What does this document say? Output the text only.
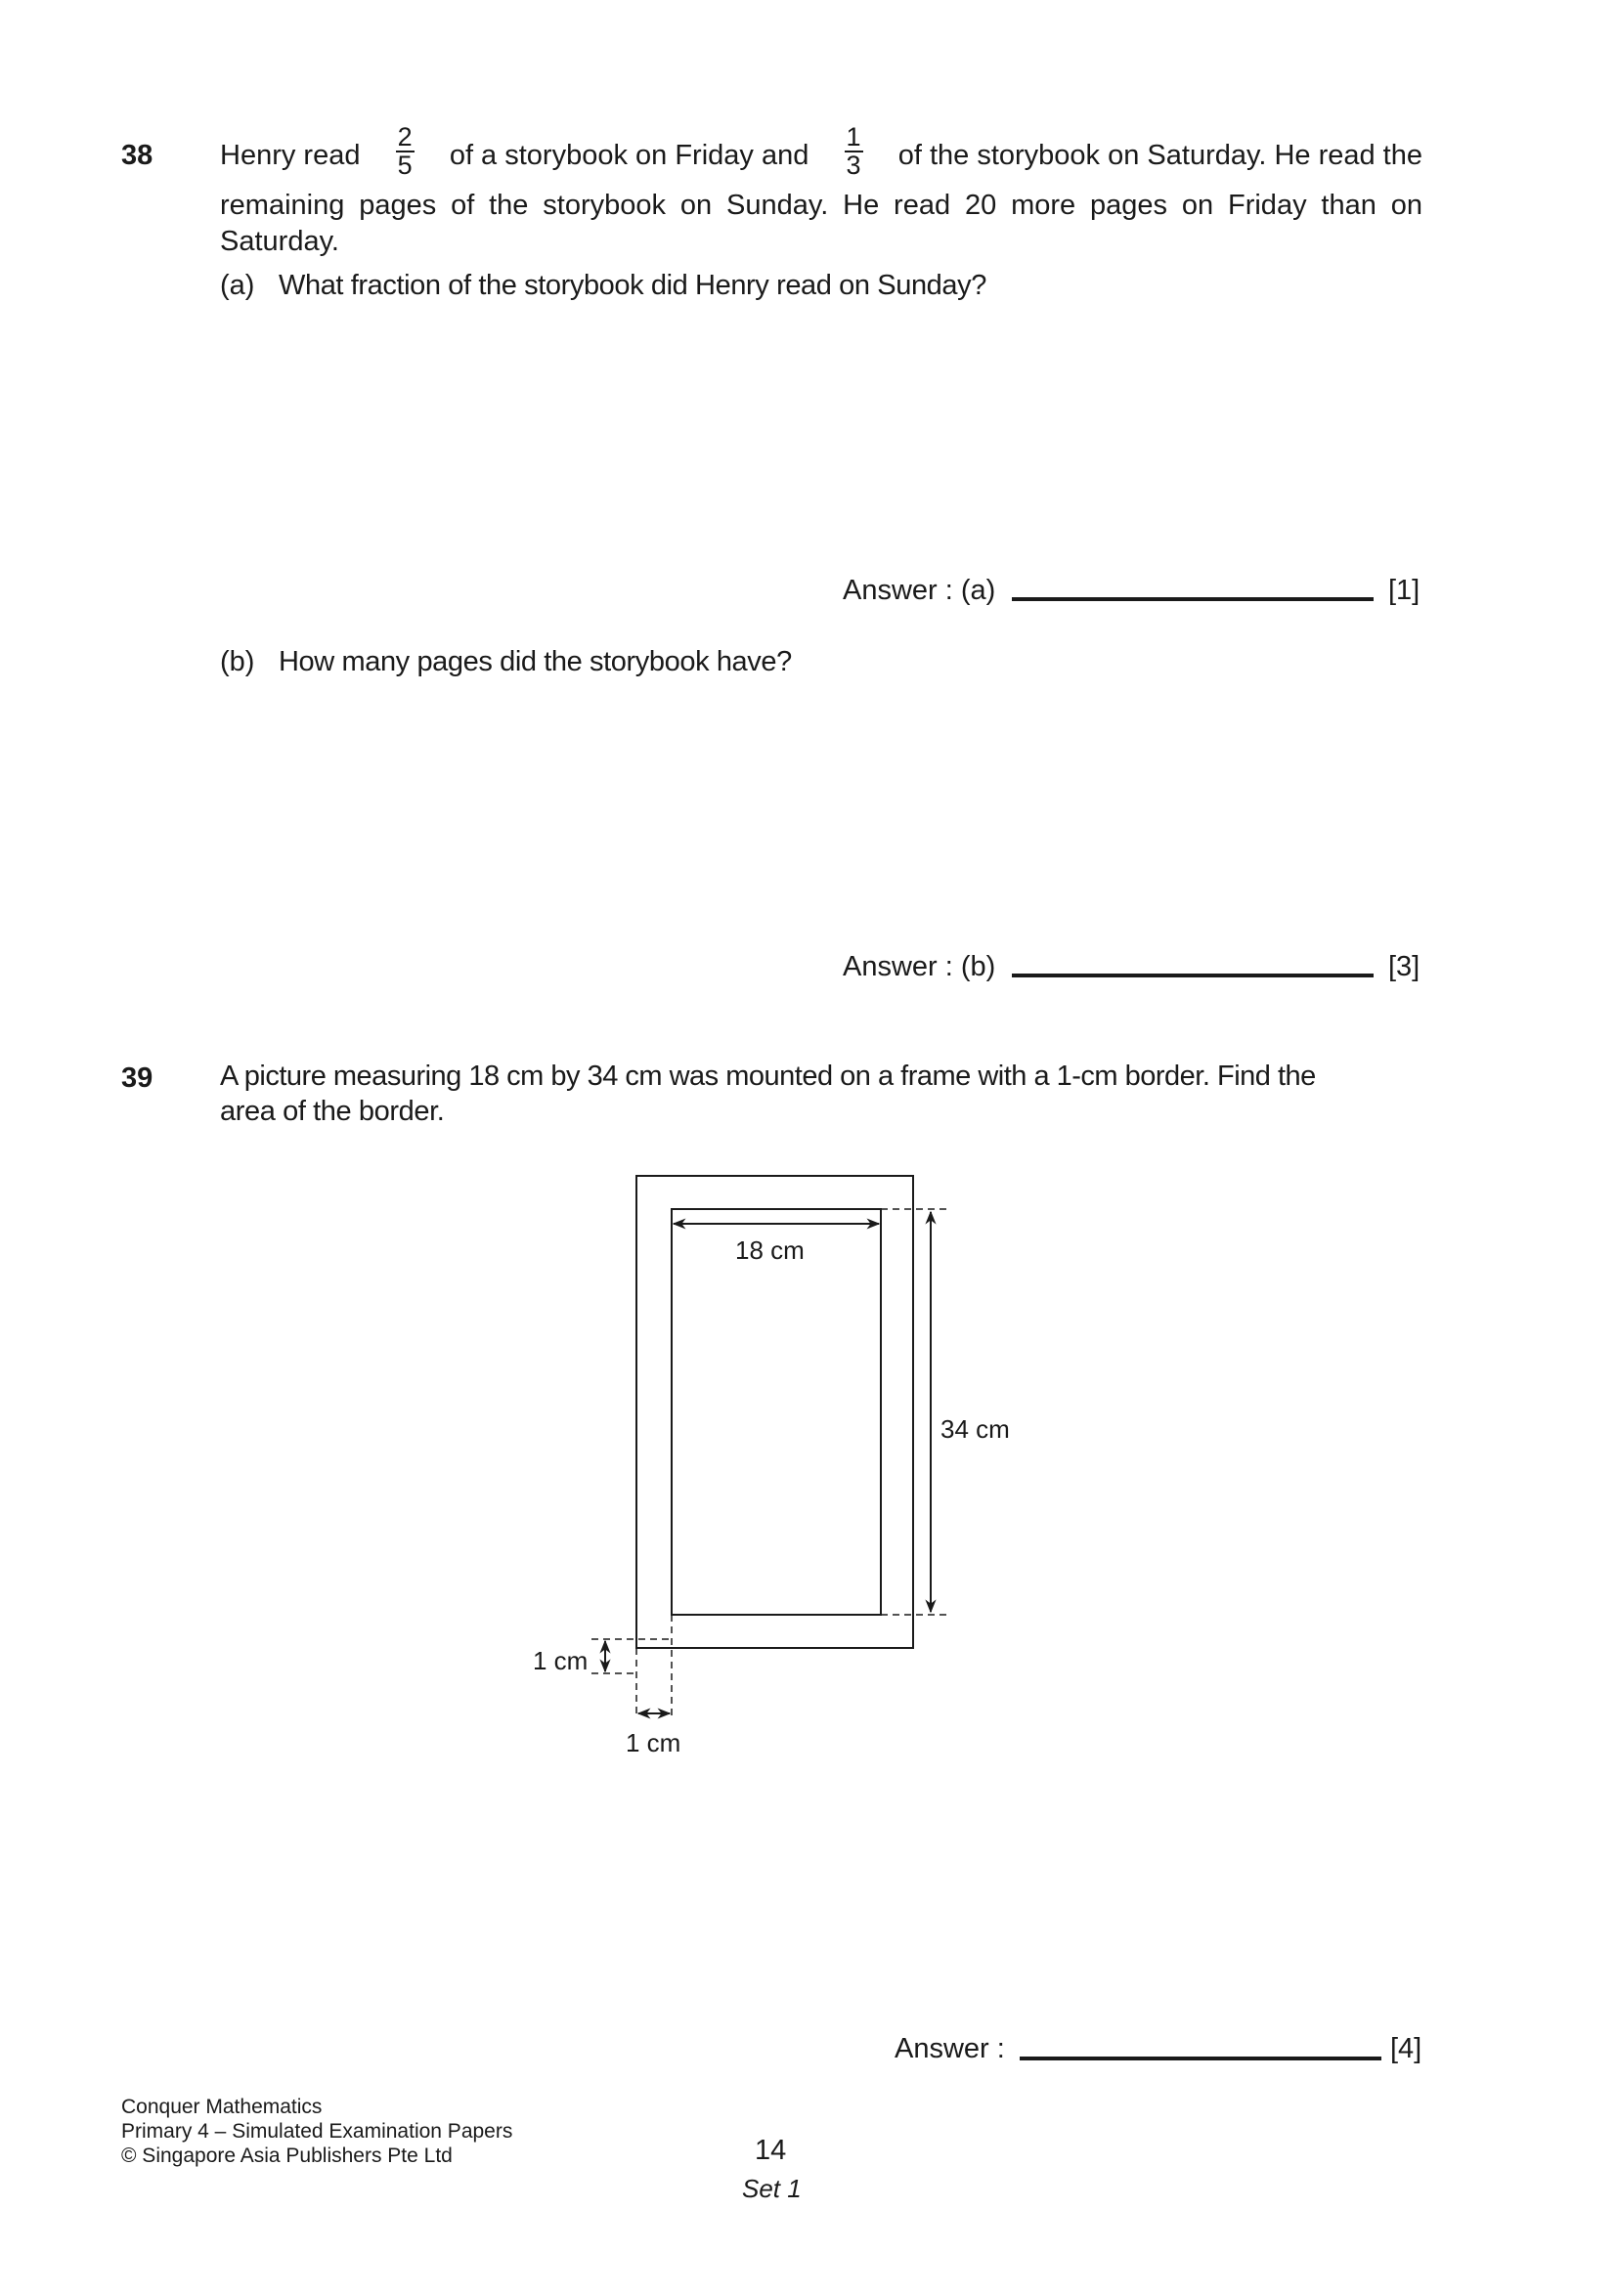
38 Henry read $\frac{2}{5}$ of a storybook on Friday and $\frac{1}{3}$ of the storybook on Saturday. He read the
remaining pages of the storybook on Sunday. He read 20 more pages on Friday than on
Saturday.
(a) What fraction of the storybook did Henry read on Sunday?
Answer : (a)	[1]
(b) How many pages did the storybook have?
Answer : (b)	[3]
39 A picture measuring 18 cm by 34 cm was mounted on a frame with a 1-cm border. Find the
area of the border.
18 cm
34 cm
1 cm
1 cm
Answer :	[4]
Conquer Mathematics
Primary 4 – Simulated Examination Papers
© Singapore Asia Publishers Pte Ltd	14
Set 1
